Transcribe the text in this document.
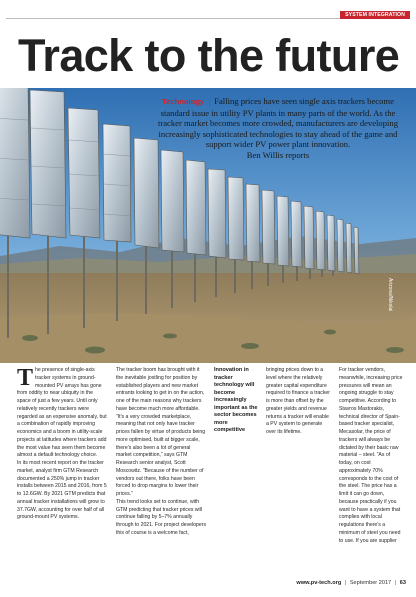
SYSTEM INTEGRATION
Track to the future
Technology | Falling prices have seen single axis trackers become standard issue in utility PV plants in many parts of the world. As the tracker market becomes more crowded, manufacturers are developing increasingly sophisticated technologies to stay ahead of the game and support wider PV power plant innovation.
Ben Willis reports
Arizona/Nikolai

The presence of single-axis tracker systems in ground-mounted PV arrays has gone from oddity to near ubiquity in the space of just a few years. Until only relatively recently trackers were regarded as an expensive anomaly, but a combination of rapidly improving economics and a boom in utility-scale projects at latitudes where trackers add the most value has seen them become almost a default technology choice.

In its most recent report on the tracker market, analyst firm GTM Research documented a 250% jump in tracker installs between 2015 and 2016, from 5 to 12.6GW. By 2021 GTM predicts that annual tracker installations will grow to 37.7GW, accounting for over half of all ground-mount PV systems.

The tracker boom has brought with it the inevitable jostling for position by established players and new market entrants looking to get in on the action, one of the main reasons why trackers have become much more affordable. “It's a very crowded marketplace, meaning that not only have tracker prices fallen by virtue of products being more optimised, built at bigger scale, there's also been a lot of general market competition,” says GTM Research senior analyst, Scott Moscowitz. “Because of the number of vendors out there, folks have been forced to drop margins to lower their prices.”

This trend looks set to continue, with GTM predicting that tracker prices will continue falling by 5–7% annually through to 2021. For project developers this of course is a welcome fact,

Innovation in tracker technology will become increasingly important as the sector becomes more competitive

bringing prices down to a level where the relatively greater capital expenditure required to finance a tracker is more than offset by the greater yields and revenue returns a tracker will enable a PV system to generate over its lifetime.

For tracker vendors, meanwhile, increasing price pressures will mean an ongoing struggle to stay competitive. According to Stavros Mastorakis, technical director of Spain-based tracker specialist, Mecasolar, the price of trackers will always be dictated by their basic raw material – steel. “As of today, on cost approximately 70% corresponds to the cost of the steel. The price has a limit it can go down, because practically if you want to have a system that complies with local regulations there's a minimum of steel you need to use. If you are supplier

www.pv-tech.org | September 2017 | 63
